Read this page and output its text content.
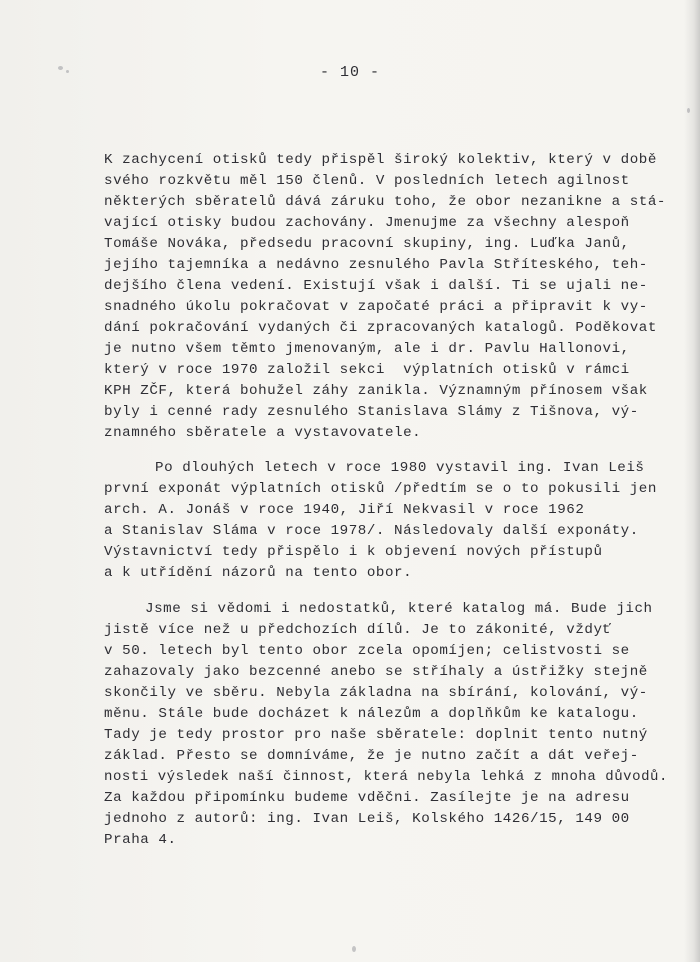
- 10 -
K zachycení otisků tedy přispěl široký kolektiv, který v době
svého rozkvětu měl 150 členů. V posledních letech agilnost
některých sběratelů dává záruku toho, že obor nezanikne a stá-
vající otisky budou zachovány. Jmenujme za všechny alespoň
Tomáše Nováka, předsedu pracovní skupiny, ing. Luďka Janů,
jejího tajemníka a nedávno zesnulého Pavla Stříteského, teh-
dejšího člena vedení. Existují však i další. Ti se ujali ne-
snadného úkolu pokračovat v započaté práci a připravit k vy-
dání pokračování vydaných či zpracovaných katalogů. Poděkovat
je nutno všem těmto jmenovaným, ale i dr. Pavlu Hallonovi,
který v roce 1970 založil sekci  výplatních otisků v rámci
KPH ZČF, která bohužel záhy zanikla. Významným přínosem však
byly i cenné rady zesnulého Stanislava Slámy z Tišnova, vý-
znamného sběratele a vystavovatele.
Po dlouhých letech v roce 1980 vystavil ing. Ivan Leiš
první exponát výplatních otisků /předtím se o to pokusili jen
arch. A. Jonáš v roce 1940, Jiří Nekvasil v roce 1962
a Stanislav Sláma v roce 1978/. Následovaly další exponáty.
Výstavnictví tedy přispělo i k objevení nových přístupů
a k utřídění názorů na tento obor.
Jsme si vědomi i nedostatků, které katalog má. Bude jich
jistě více než u předchozích dílů. Je to zákonité, vždyť
v 50. letech byl tento obor zcela opomíjen; celistvosti se
zahazovaly jako bezcenné anebo se stříhaly a ústřižky stejně
skončily ve sběru. Nebyla základna na sbírání, kolování, vý-
měnu. Stále bude docházet k nálezům a doplňkům ke katalogu.
Tady je tedy prostor pro naše sběratele: doplnit tento nutný
základ. Přesto se domníváme, že je nutno začít a dát veřej-
nosti výsledek naší činnost, která nebyla lehká z mnoha důvodů.
Za každou připomínku budeme vděčni. Zasílejte je na adresu
jednoho z autorů: ing. Ivan Leiš, Kolského 1426/15, 149 00
Praha 4.
